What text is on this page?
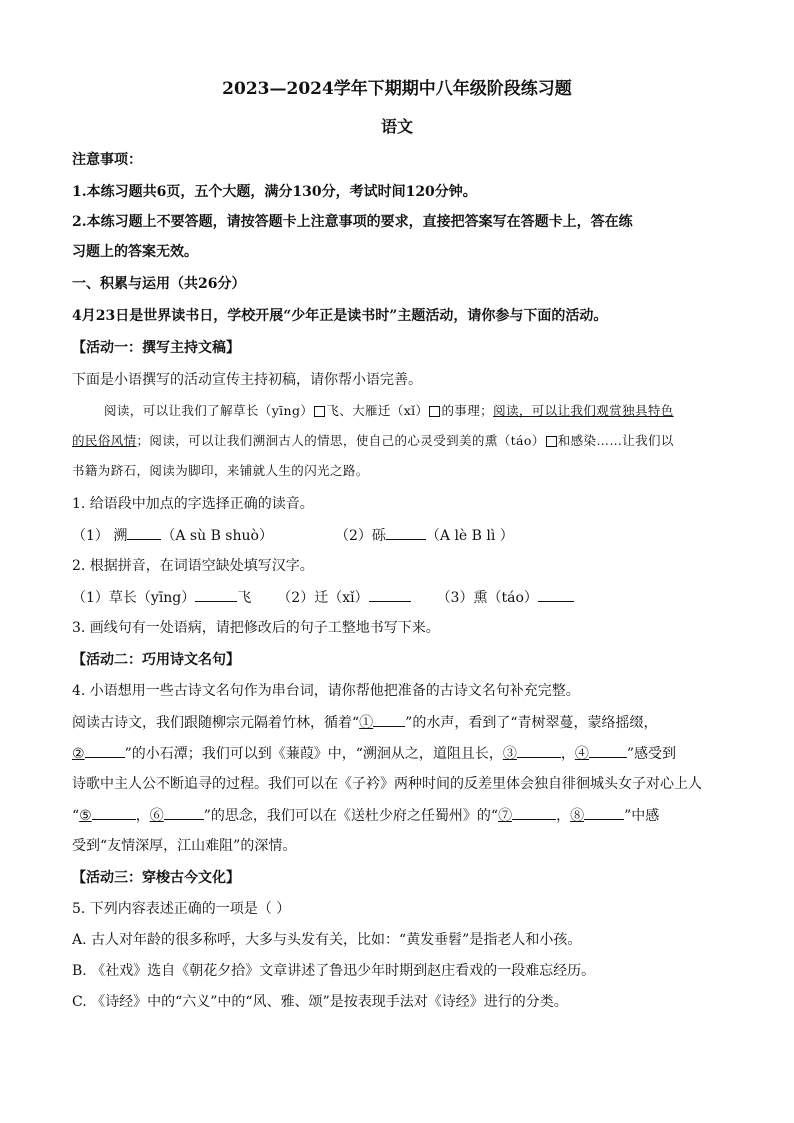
2023—2024学年下期期中八年级阶段练习题
语文
注意事项：
1.本练习题共6页，五个大题，满分130分，考试时间120分钟。
2.本练习题上不要答题，请按答题卡上注意事项的要求，直接把答案写在答题卡上，答在练
习题上的答案无效。
一、积累与运用（共26分）
4月23日是世界读书日，学校开展“少年正是读书时”主题活动，请你参与下面的活动。
【活动一：撰写主持文稿】
下面是小语撰写的活动宣传主持初稿，请你帮小语完善。
阅读，可以让我们了解草长（yīng） 飞、大雁迁（xǐ） 的事理；阅读，可以让我们观赏独具特色
的民俗风情；阅读，可以让我们溯洄古人的情思，使自己的心灵受到美的熏（táo） 和感染……让我们以
书籍为跻石，阅读为脚印，来铺就人生的闪光之路。
1. 给语段中加点的字选择正确的读音。
（1） 溯 （A sù B shuò）	（2）砾	（A lè B lì ）
2. 根据拼音，在词语空缺处填写汉字。
（1）草长（yīng）	飞 （2）迁（xǐ）	（3）熏（táo）
3. 画线句有一处语病，请把修改后的句子工整地书写下来。
【活动二：巧用诗文名句】
4. 小语想用一些古诗文名句作为串台词，请你帮他把准备的古诗文名句补充完整。
阅读古诗文，我们跟随柳宗元隔着竹林，循着“① ”的水声，看到了“青树翠蔓，蒙络摇缀，
②	”的小石潭；我们可以到《蒹葭》中，“溯洄从之，道阻且长，③	，④	”感受到
诗歌中主人公不断追寻的过程。我们可以在《子衿》两种时间的反差里体会独自徘徊城头女子对心上人
“⑤	，⑥	”的思念，我们可以在《送杜少府之任蜀州》的“⑦	，⑧	”中感
受到“友情深厚，江山难阻”的深情。
【活动三：穿梭古今文化】
5. 下列内容表述正确的一项是（ ）
A. 古人对年龄的很多称呼，大多与头发有关，比如：“黄发垂髫”是指老人和小孩。
B. 《社戏》选自《朝花夕拾》文章讲述了鲁迅少年时期到赵庄看戏的一段难忘经历。
C. 《诗经》中的“六义”中的“风、雅、颂”是按表现手法对《诗经》进行的分类。
